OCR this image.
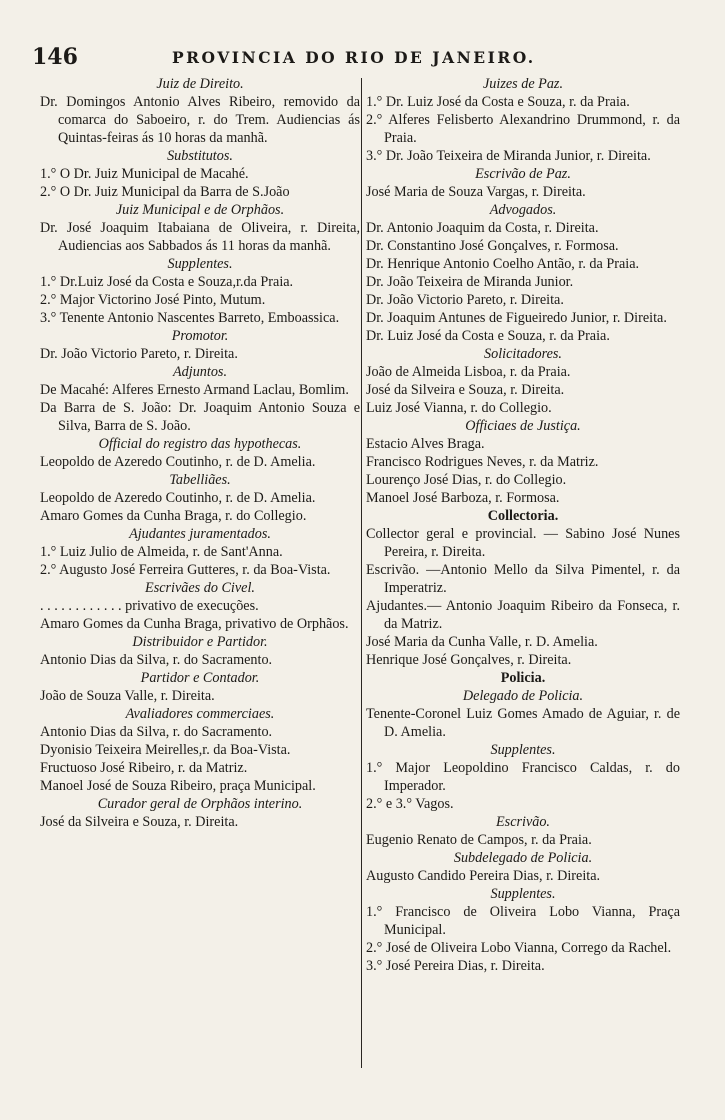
146	PROVINCIA DO RIO DE JANEIRO.
Juiz de Direito.
Dr. Domingos Antonio Alves Ribeiro, removido da comarca do Saboeiro, r. do Trem. Audiencias ás Quintas-feiras ás 10 horas da manhã.
Substitutos.
1.° O Dr. Juiz Municipal de Macahé.
2.° O Dr. Juiz Municipal da Barra de S.João
Juiz Municipal e de Orphãos.
Dr. José Joaquim Itabaiana de Oliveira, r. Direita, Audiencias aos Sabbados ás 11 horas da manhã.
Supplentes.
1.° Dr.Luiz José da Costa e Souza,r.da Praia.
2.° Major Victorino José Pinto, Mutum.
3.° Tenente Antonio Nascentes Barreto, Emboassica.
Promotor.
Dr. João Victorio Pareto, r. Direita.
Adjuntos.
De Macahé: Alferes Ernesto Armand Laclau, Bomlim.
Da Barra de S. João: Dr. Joaquim Antonio Souza e Silva, Barra de S. João.
Official do registro das hypothecas.
Leopoldo de Azeredo Coutinho, r. de D. Amelia.
Tabelliães.
Leopoldo de Azeredo Coutinho, r. de D. Amelia.
Amaro Gomes da Cunha Braga, r. do Collegio.
Ajudantes juramentados.
1.° Luiz Julio de Almeida, r. de Sant'Anna.
2.° Augusto José Ferreira Gutteres, r. da Boa-Vista.
Escrivães do Civel.
. . . . . . . . . . . . privativo de execuções.
Amaro Gomes da Cunha Braga, privativo de Orphãos.
Distribuidor e Partidor.
Antonio Dias da Silva, r. do Sacramento.
Partidor e Contador.
João de Souza Valle, r. Direita.
Avaliadores commerciaes.
Antonio Dias da Silva, r. do Sacramento.
Dyonisio Teixeira Meirelles,r. da Boa-Vista.
Fructuoso José Ribeiro, r. da Matriz.
Manoel José de Souza Ribeiro, praça Municipal.
Curador geral de Orphãos interino.
José da Silveira e Souza, r. Direita.
Juizes de Paz.
1.° Dr. Luiz José da Costa e Souza, r. da Praia.
2.° Alferes Felisberto Alexandrino Drummond, r. da Praia.
3.° Dr. João Teixeira de Miranda Junior, r. Direita.
Escrivão de Paz.
José Maria de Souza Vargas, r. Direita.
Advogados.
Dr. Antonio Joaquim da Costa, r. Direita.
Dr. Constantino José Gonçalves, r. Formosa.
Dr. Henrique Antonio Coelho Antão, r. da Praia.
Dr. João Teixeira de Miranda Junior.
Dr. João Victorio Pareto, r. Direita.
Dr. Joaquim Antunes de Figueiredo Junior, r. Direita.
Dr. Luiz José da Costa e Souza, r. da Praia.
Solicitadores.
João de Almeida Lisboa, r. da Praia.
José da Silveira e Souza, r. Direita.
Luiz José Vianna, r. do Collegio.
Officiaes de Justiça.
Estacio Alves Braga.
Francisco Rodrigues Neves, r. da Matriz.
Lourenço José Dias, r. do Collegio.
Manoel José Barboza, r. Formosa.
Collectoria.
Collector geral e provincial. — Sabino José Nunes Pereira, r. Direita.
Escrivão. —Antonio Mello da Silva Pimentel, r. da Imperatriz.
Ajudantes.— Antonio Joaquim Ribeiro da Fonseca, r. da Matriz.
José Maria da Cunha Valle, r. D. Amelia.
Henrique José Gonçalves, r. Direita.
Policia.
Delegado de Policia.
Tenente-Coronel Luiz Gomes Amado de Aguiar, r. de D. Amelia.
Supplentes.
1.° Major Leopoldino Francisco Caldas, r. do Imperador.
2.° e 3.° Vagos.
Escrivão.
Eugenio Renato de Campos, r. da Praia.
Subdelegado de Policia.
Augusto Candido Pereira Dias, r. Direita.
Supplentes.
1.° Francisco de Oliveira Lobo Vianna, Praça Municipal.
2.° José de Oliveira Lobo Vianna, Corrego da Rachel.
3.° José Pereira Dias, r. Direita.
